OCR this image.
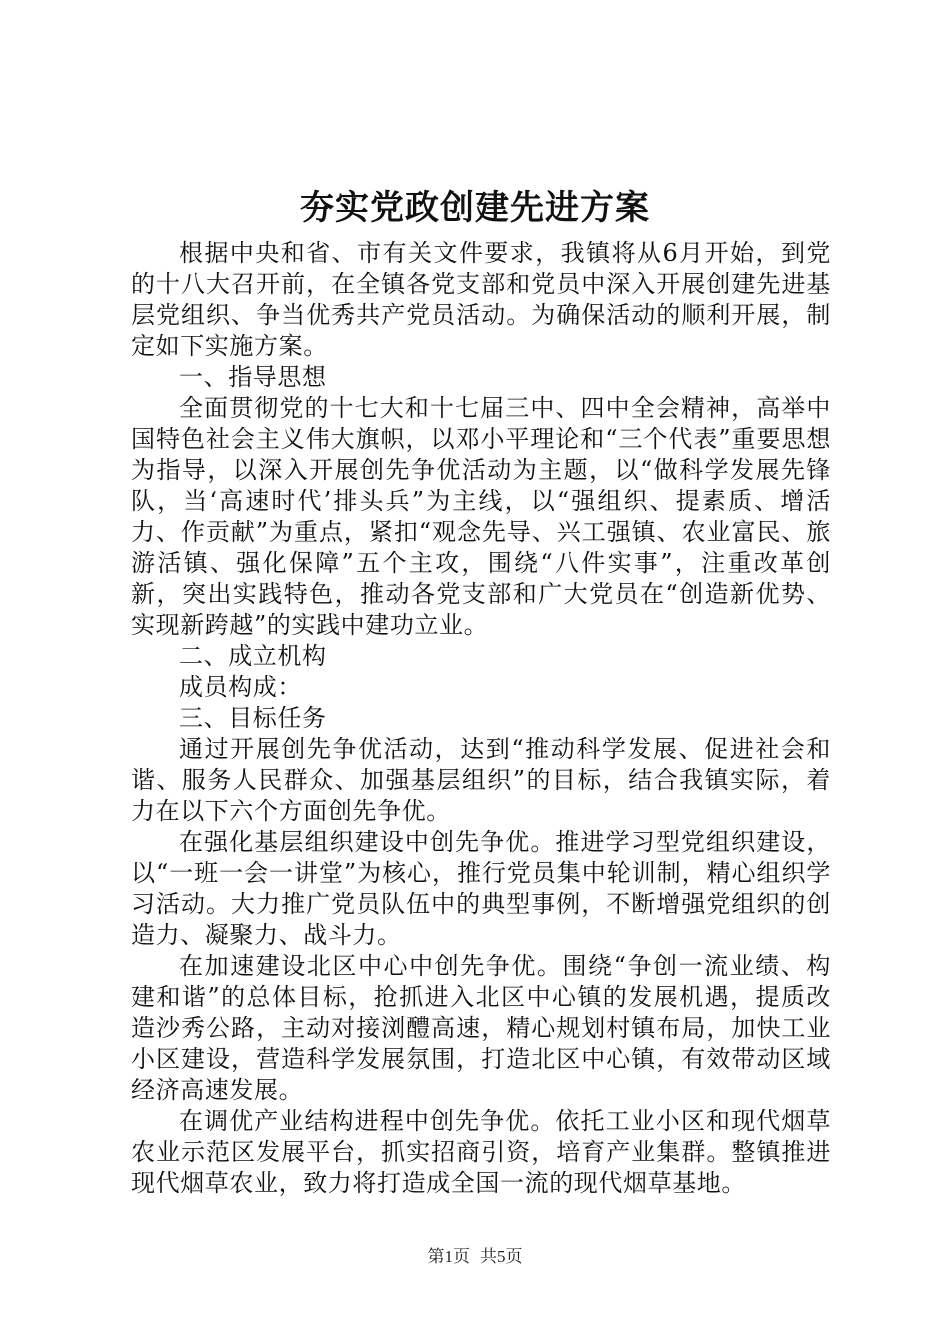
夯实党政创建先进方案

根据中央和省、市有关文件要求，我镇将从6月开始，到党的十八大召开前，在全镇各党支部和党员中深入开展创建先进基层党组织、争当优秀共产党员活动。为确保活动的顺利开展，制定如下实施方案。

一、指导思想

全面贯彻党的十七大和十七届三中、四中全会精神，高举中国特色社会主义伟大旗帜，以邓小平理论和“三个代表”重要思想为指导，以深入开展创先争优活动为主题，以“做科学发展先锋队，当‘高速时代’排头兵”为主线，以“强组织、提素质、增活力、作贡献”为重点，紧扣“观念先导、兴工强镇、农业富民、旅游活镇、强化保障”五个主攻，围绕“八件实事”，注重改革创新，突出实践特色，推动各党支部和广大党员在“创造新优势、实现新跨越”的实践中建功立业。

二、成立机构

成员构成：

三、目标任务

通过开展创先争优活动，达到“推动科学发展、促进社会和谐、服务人民群众、加强基层组织”的目标，结合我镇实际，着力在以下六个方面创先争优。

在强化基层组织建设中创先争优。推进学习型党组织建设，以“一班一会一讲堂”为核心，推行党员集中轮训制，精心组织学习活动。大力推广党员队伍中的典型事例，不断增强党组织的创造力、凝聚力、战斗力。

在加速建设北区中心中创先争优。围绕“争创一流业绩、构建和谐”的总体目标，抢抓进入北区中心镇的发展机遇，提质改造沙秀公路，主动对接浏醴高速，精心规划村镇布局，加快工业小区建设，营造科学发展氛围，打造北区中心镇，有效带动区域经济高速发展。

在调优产业结构进程中创先争优。依托工业小区和现代烟草农业示范区发展平台，抓实招商引资，培育产业集群。整镇推进现代烟草农业，致力将打造成全国一流的现代烟草基地。

第1页 共5页
